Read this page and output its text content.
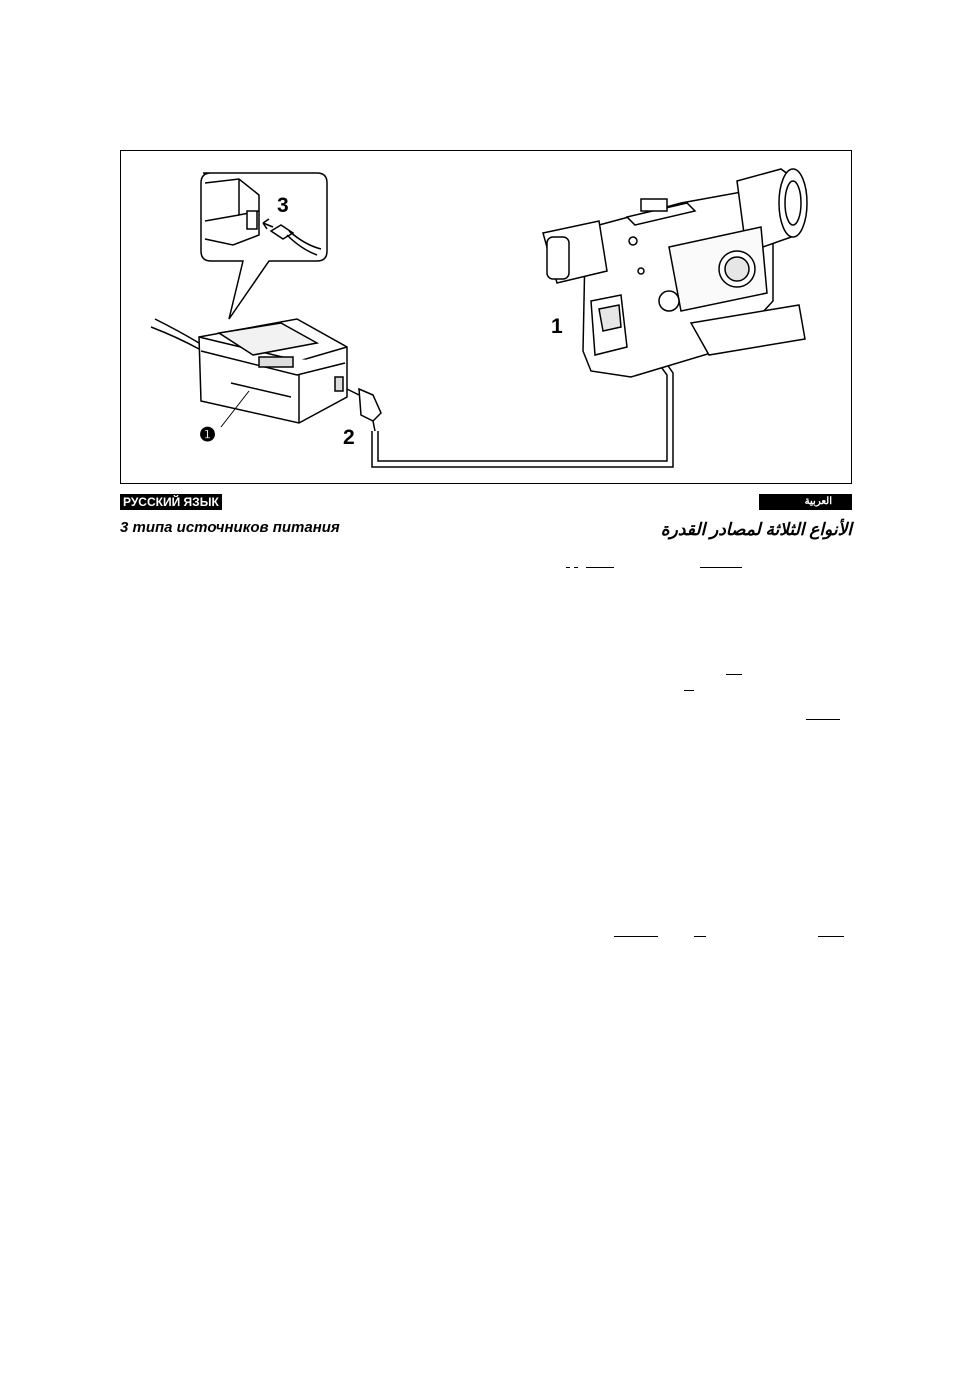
3
1
2
❶
РУССКИЙ ЯЗЫК
3 типа источников питания
العربية
الأنواع الثلاثة لمصادر القدرة
